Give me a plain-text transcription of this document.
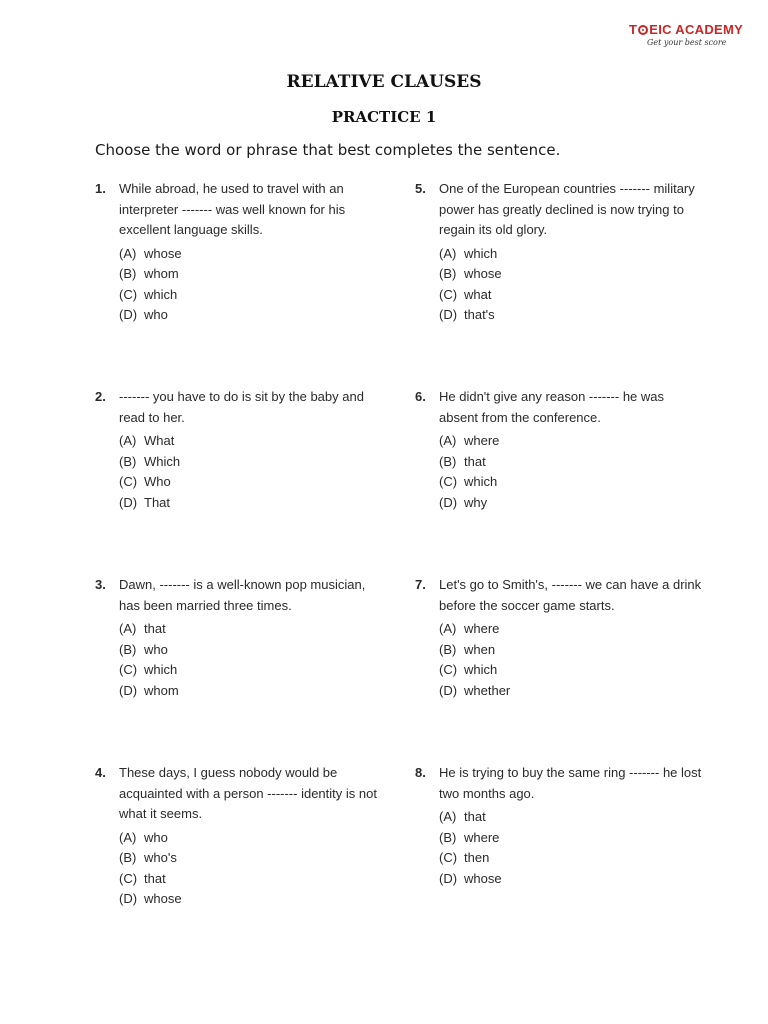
T EIC ACADEMY
Get your best score
RELATIVE CLAUSES
PRACTICE 1
Choose the word or phrase that best completes the sentence.
1. While abroad, he used to travel with an interpreter ------- was well known for his excellent language skills.
(A) whose
(B) whom
(C) which
(D) who
2. ------- you have to do is sit by the baby and read to her.
(A) What
(B) Which
(C) Who
(D) That
3. Dawn, ------- is a well-known pop musician, has been married three times.
(A) that
(B) who
(C) which
(D) whom
4. These days, I guess nobody would be acquainted with a person ------- identity is not what it seems.
(A) who
(B) who's
(C) that
(D) whose
5. One of the European countries ------- military power has greatly declined is now trying to regain its old glory.
(A) which
(B) whose
(C) what
(D) that's
6. He didn't give any reason ------- he was absent from the conference.
(A) where
(B) that
(C) which
(D) why
7. Let's go to Smith's, ------- we can have a drink before the soccer game starts.
(A) where
(B) when
(C) which
(D) whether
8. He is trying to buy the same ring ------- he lost two months ago.
(A) that
(B) where
(C) then
(D) whose
